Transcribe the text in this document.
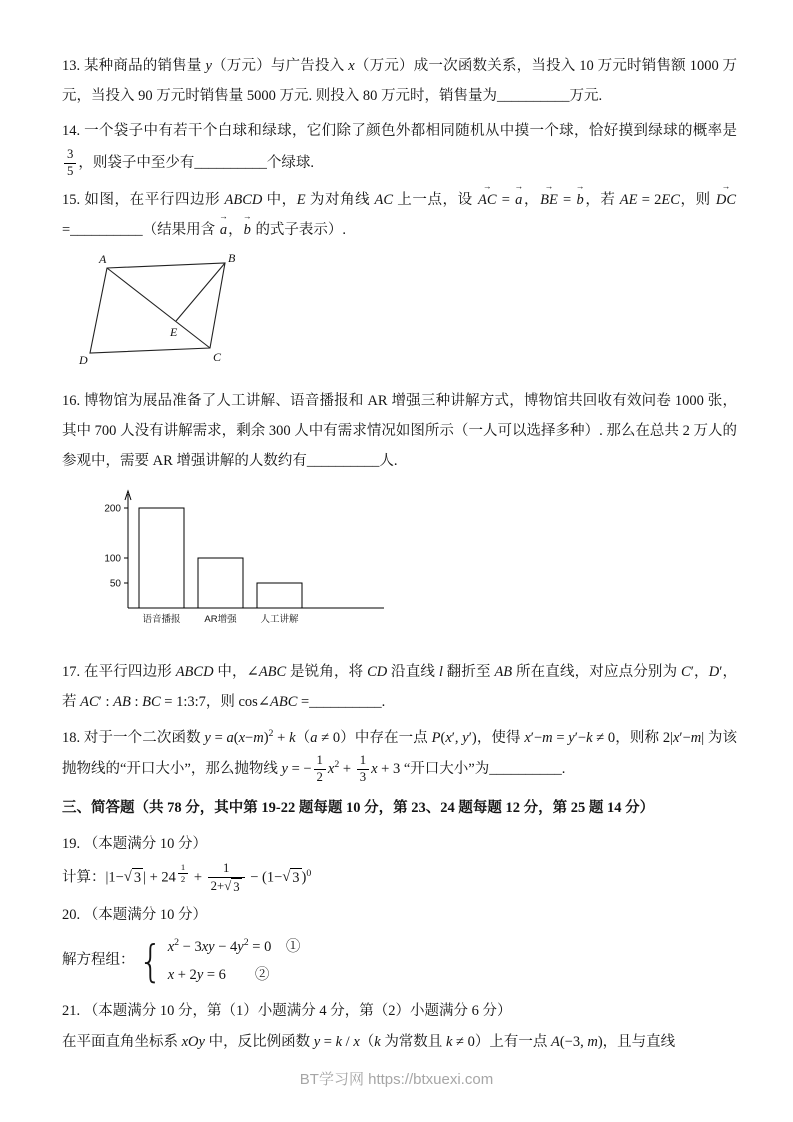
13. 某种商品的销售量 y（万元）与广告投入 x（万元）成一次函数关系，当投入 10 万元时销售额 1000 万元，当投入 90 万元时销售量 5000 万元. 则投入 80 万元时，销售量为__________万元.

14. 一个袋子中有若干个白球和绿球，它们除了颜色外都相同随机从中摸一个球，恰好摸到绿球的概率是
$\frac{3}{5}$ ，则袋子中至少有__________个绿球.

15. 如图，在平行四边形 ABCD 中，E 为对角线 AC 上一点，设 AC → = a →，BE → = b →，若 AE = 2EC，则 DC → =__________（结果用含 a →，b → 的式子表示）.

A	B
C
D
E

16. 博物馆为展品准备了人工讲解、语音播报和 AR 增强三种讲解方式，博物馆共回收有效问卷 1000 张，其中 700 人没有讲解需求，剩余 300 人中有需求情况如图所示（一人可以选择多种）. 那么在总共 2 万人的参观中，需要 AR 增强讲解的人数约有__________人.

50
100
200
语音播报	AR增强	人工讲解

17. 在平行四边形 ABCD 中，∠ABC 是锐角，将 CD 沿直线 l 翻折至 AB 所在直线，对应点分别为 C′，D′，若 AC′ : AB : BC = 1:3:7，则 cos∠ABC =__________.

18. 对于一个二次函数 $y = a(x-m)^2 + k(a \ne 0)$中存在一点 P(x′, y′)，使得 x′−m = y′−k ≠ 0，则称 2|x′−m| 为该抛物线的“开口大小”，那么抛物线 y = − $\frac{1}{2} x^2 + \frac{1}{3}$ x + 3 “开口大小”为__________.

三、简答题（共 78 分，其中第 19-22 题每题 10 分，第 23、24 题每题 12 分，第 25 题 14 分）

19. （本题满分 10 分）

计算：|1− √ 3 | + 24 $^{\frac{1}{2}} + \frac{1}{2+ √ 3} - (1-$ √ 3 )$^0$

20. （本题满分 10 分）

解方程组： { $x^2 - 3xy - 4y^2 = 0$　①
x + 2y = 6　　②

21. （本题满分 10 分，第（1）小题满分 4 分，第（2）小题满分 6 分）

在平面直角坐标系 xOy 中，反比例函数 y = k / x（k 为常数且 k ≠ 0）上有一点 A(−3, m)，且与直线

BT学习网 https://btxuexi.com
